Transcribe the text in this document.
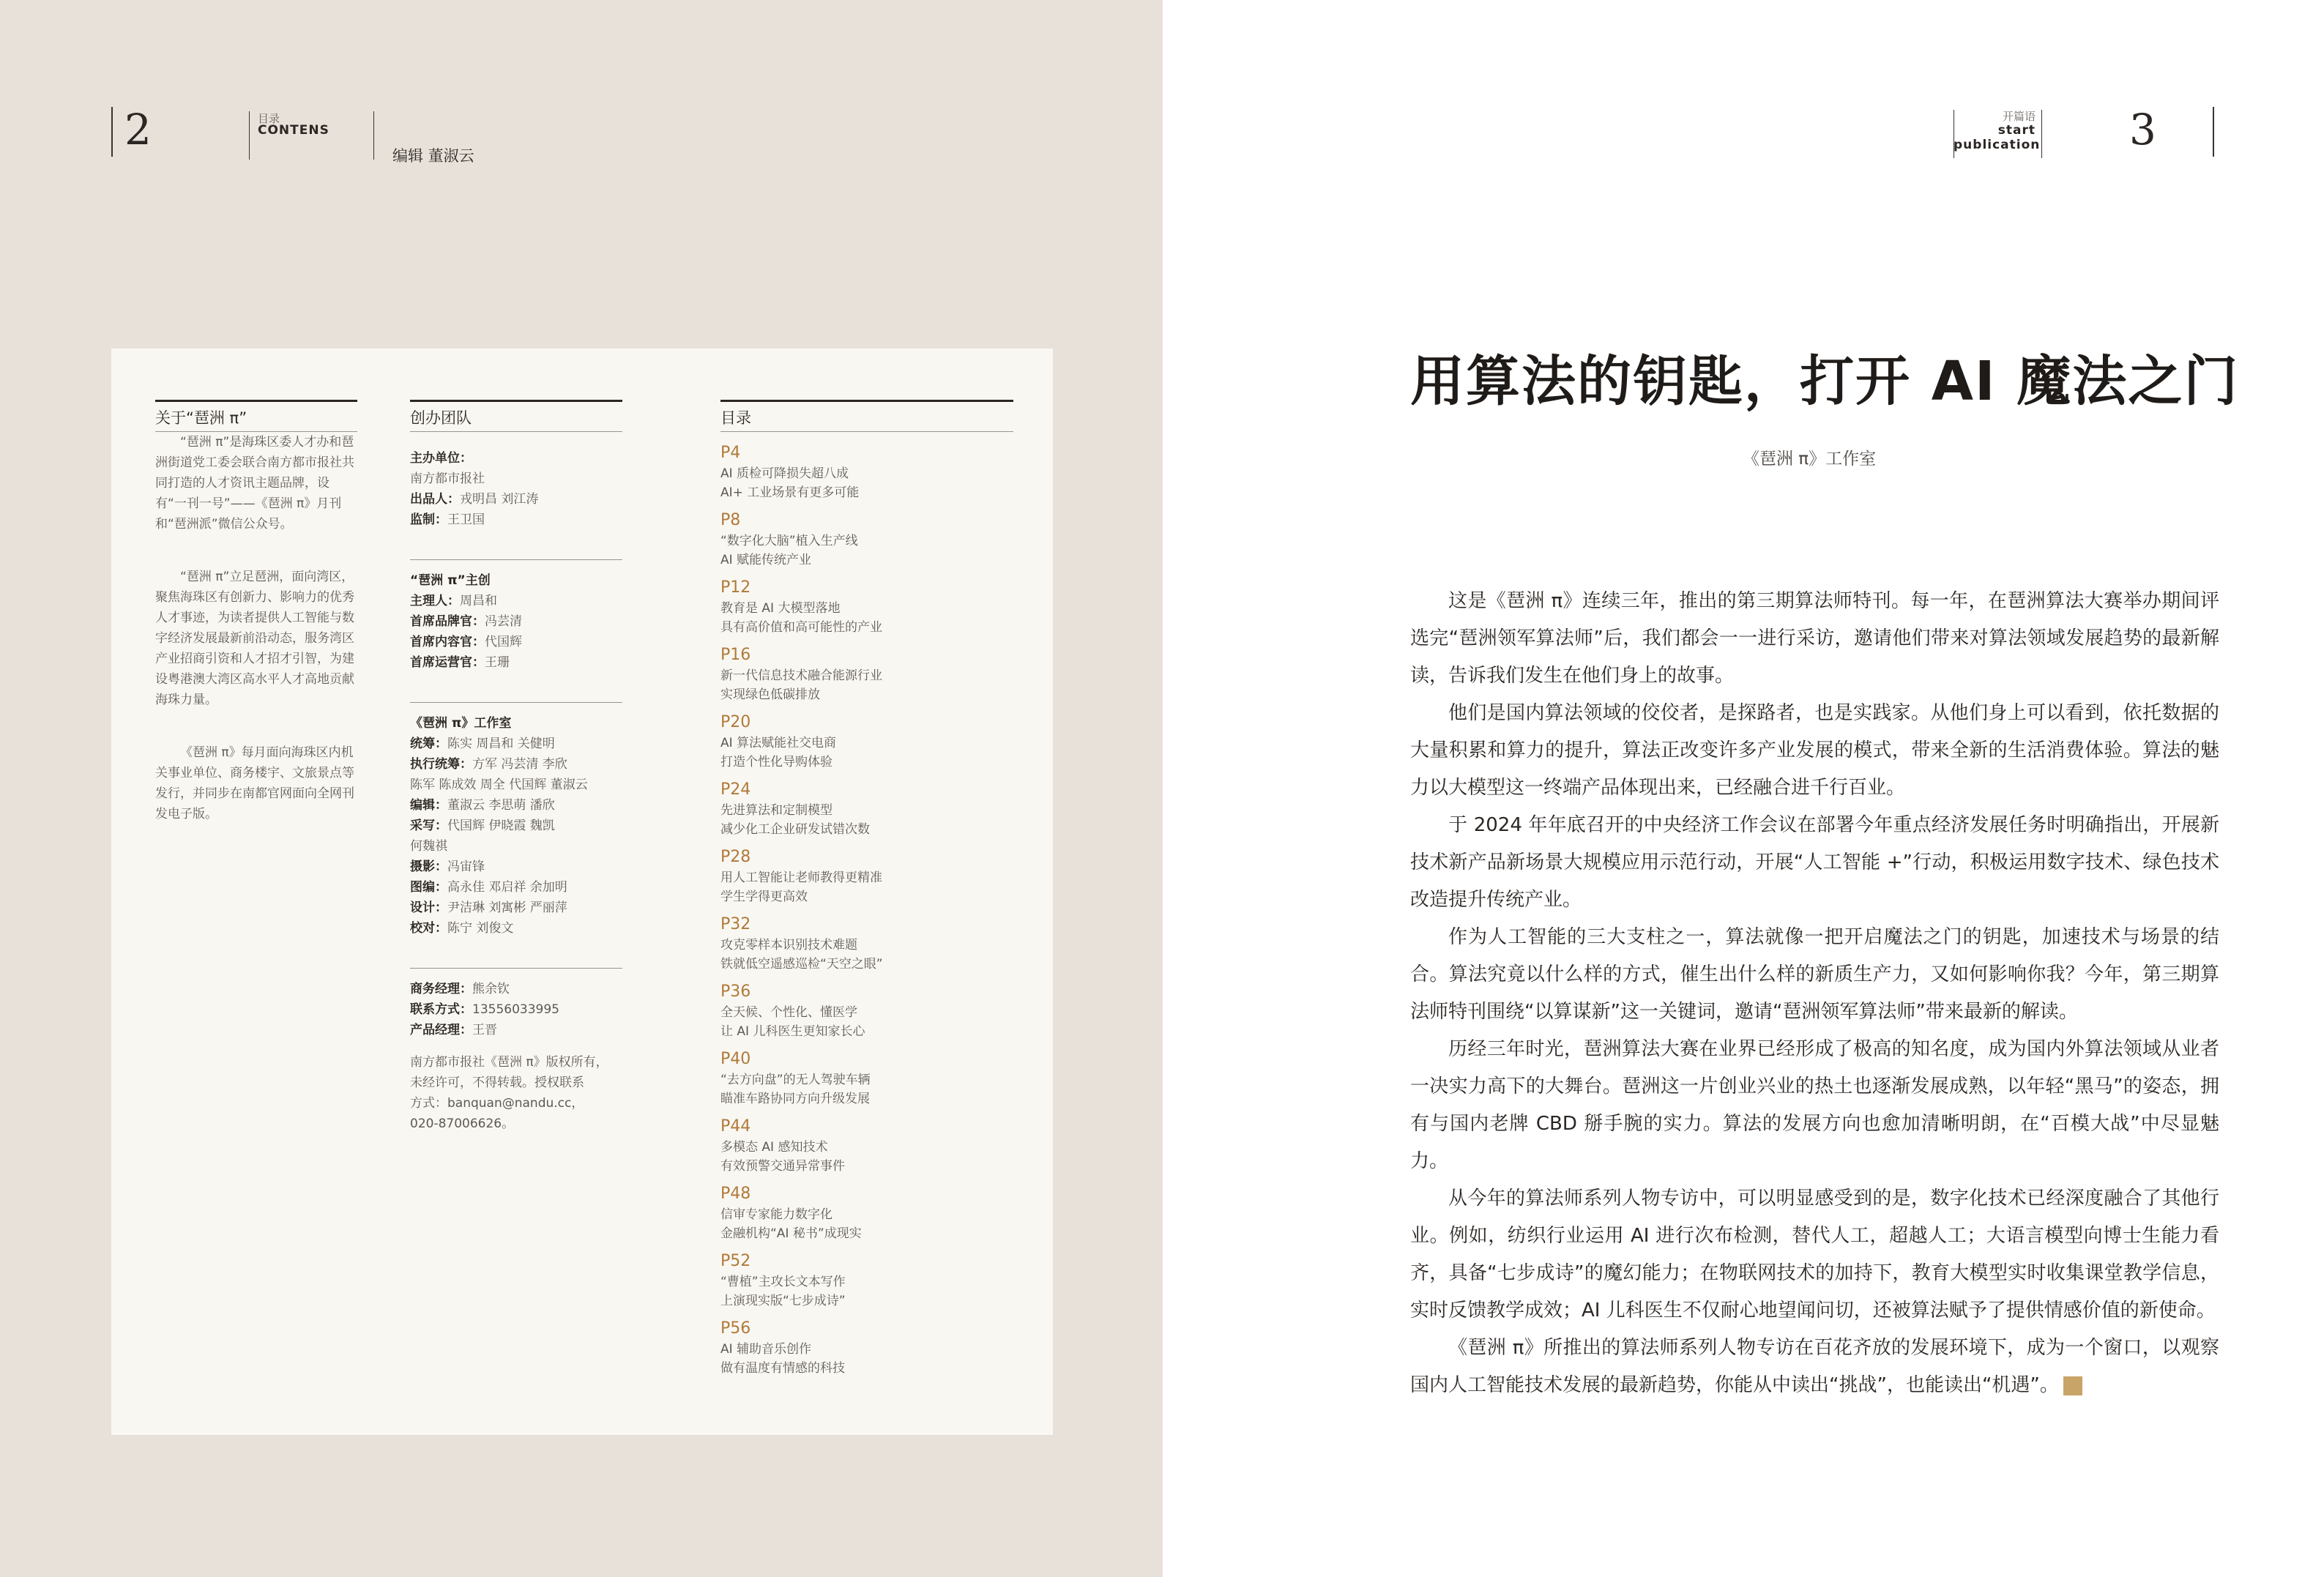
2	目录
CONTENS
编辑 董淑云
关于“琶洲 π”

“琶洲 π”是海珠区委人才办和琶洲街道党工委会联合南方都市报社共同打造的人才资讯主题品牌，设有“一刊一号”——《琶洲 π》月刊和“琶洲派”微信公众号。

“琶洲 π”立足琶洲，面向湾区，聚焦海珠区有创新力、影响力的优秀人才事迹，为读者提供人工智能与数字经济发展最新前沿动态，服务湾区产业招商引资和人才招才引智，为建设粤港澳大湾区高水平人才高地贡献海珠力量。

《琶洲 π》每月面向海珠区内机关事业单位、商务楼宇、文旅景点等发行，并同步在南都官网面向全网刊发电子版。

创办团队

主办单位：

南方都市报社

出品人：戎明昌 刘江涛

监制：王卫国

“琶洲 π”主创

主理人：周昌和

首席品牌官：冯芸清

首席内容官：代国辉

首席运营官：王珊

《琶洲 π》工作室

统筹：陈实 周昌和 关健明

执行统筹：方军 冯芸清 李欣

陈军 陈成效 周全 代国辉 董淑云

编辑：董淑云 李思萌 潘欣

采写：代国辉 伊晓霞 魏凯

何魏祺

摄影：冯宙锋

图编：高永佳 邓启祥 余加明

设计：尹洁琳 刘寓彬 严丽萍

校对：陈宁 刘俊文

商务经理：熊余钦

联系方式：13556033995

产品经理：王晋

南方都市报社《琶洲 π》版权所有，

未经许可，不得转载。授权联系

方式：banquan@nandu.cc，

020-87006626。

目录
P4
AI 质检可降损失超八成
AI+ 工业场景有更多可能
P8
“数字化大脑”植入生产线
AI 赋能传统产业
P12
教育是 AI 大模型落地
具有高价值和高可能性的产业
P16
新一代信息技术融合能源行业
实现绿色低碳排放
P20
AI 算法赋能社交电商
打造个性化导购体验
P24
先进算法和定制模型
减少化工企业研发试错次数
P28
用人工智能让老师教得更精准
学生学得更高效
P32
攻克零样本识别技术难题
铁就低空遥感巡检“天空之眼”
P36
全天候、个性化、懂医学
让 AI 儿科医生更知家长心
P40
“去方向盘”的无人驾驶车辆
瞄准车路协同方向升级发展
P44
多模态 AI 感知技术
有效预警交通异常事件
P48
信审专家能力数字化
金融机构“AI 秘书”成现实
P52
“曹植”主攻长文本写作
上演现实版“七步成诗”
P56
AI 辅助音乐创作
做有温度有情感的科技
开篇语
start
publication 3
用算法的钥匙，打开 AI 魔法之门
《琶洲 π》工作室

这是《琶洲 π》连续三年，推出的第三期算法师特刊。每一年，在琶洲算法大赛举办期间评选完“琶洲领军算法师”后，我们都会一一进行采访，邀请他们带来对算法领域发展趋势的最新解读，告诉我们发生在他们身上的故事。

他们是国内算法领域的佼佼者，是探路者，也是实践家。从他们身上可以看到，依托数据的大量积累和算力的提升，算法正改变许多产业发展的模式，带来全新的生活消费体验。算法的魅力以大模型这一终端产品体现出来，已经融合进千行百业。

于 2024 年年底召开的中央经济工作会议在部署今年重点经济发展任务时明确指出，开展新技术新产品新场景大规模应用示范行动，开展“人工智能 +”行动，积极运用数字技术、绿色技术改造提升传统产业。

作为人工智能的三大支柱之一，算法就像一把开启魔法之门的钥匙，加速技术与场景的结合。算法究竟以什么样的方式，催生出什么样的新质生产力，又如何影响你我？今年，第三期算法师特刊围绕“以算谋新”这一关键词，邀请“琶洲领军算法师”带来最新的解读。

历经三年时光，琶洲算法大赛在业界已经形成了极高的知名度，成为国内外算法领域从业者一决实力高下的大舞台。琶洲这一片创业兴业的热土也逐渐发展成熟，以年轻“黑马”的姿态，拥有与国内老牌 CBD 掰手腕的实力。算法的发展方向也愈加清晰明朗，在“百模大战”中尽显魅力。

从今年的算法师系列人物专访中，可以明显感受到的是，数字化技术已经深度融合了其他行业。例如，纺织行业运用 AI 进行次布检测，替代人工，超越人工；大语言模型向博士生能力看齐，具备“七步成诗”的魔幻能力；在物联网技术的加持下，教育大模型实时收集课堂教学信息，实时反馈教学成效；AI 儿科医生不仅耐心地望闻问切，还被算法赋予了提供情感价值的新使命。

《琶洲 π》所推出的算法师系列人物专访在百花齐放的发展环境下，成为一个窗口，以观察国内人工智能技术发展的最新趋势，你能从中读出“挑战”，也能读出“机遇”。	π
